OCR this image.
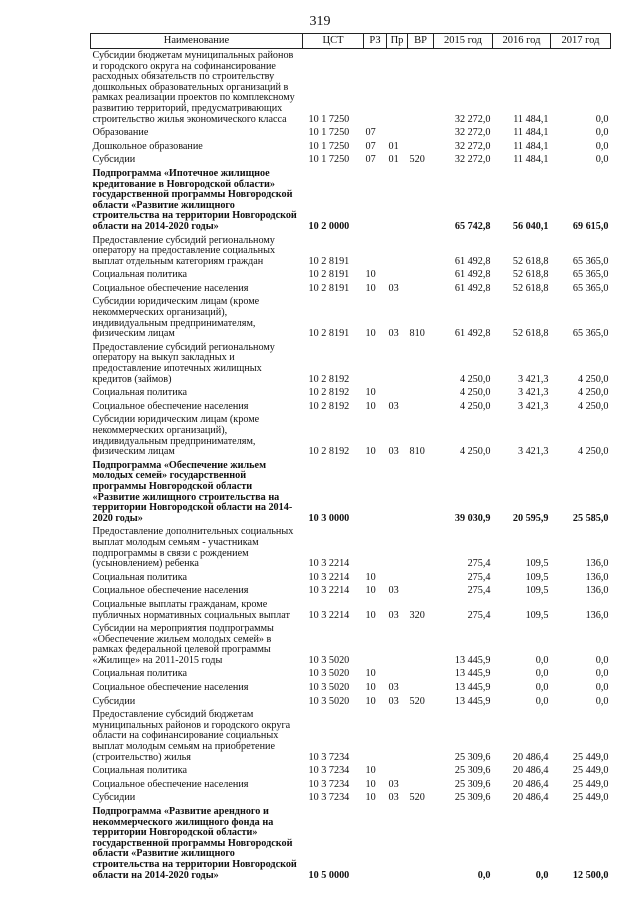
319
Наименование	ЦСТ	РЗ	Пр	ВР	2015 год	2016 год	2017 год
Субсидии бюджетам муниципальных районов и городского округа на софинансирование расходных обязательств по строительству дошкольных образовательных организаций в рамках реализации проектов по комплексному развитию территорий, предусматривающих строительство жилья экономического класса	10 1 7250				32 272,0	11 484,1	0,0
Образование	10 1 7250	07			32 272,0	11 484,1	0,0
Дошкольное образование	10 1 7250	07	01		32 272,0	11 484,1	0,0
Субсидии	10 1 7250	07	01	520	32 272,0	11 484,1	0,0
Подпрограмма «Ипотечное жилищное кредитование в Новгородской области» государственной программы Новгородской области «Развитие жилищного строительства на территории Новгородской области на 2014-2020 годы»	10 2 0000				65 742,8	56 040,1	69 615,0
Предоставление субсидий региональному оператору на предоставление социальных выплат отдельным категориям граждан	10 2 8191				61 492,8	52 618,8	65 365,0
Социальная политика	10 2 8191	10			61 492,8	52 618,8	65 365,0
Социальное обеспечение населения	10 2 8191	10	03		61 492,8	52 618,8	65 365,0
Субсидии юридическим лицам (кроме некоммерческих организаций), индивидуальным предпринимателям, физическим лицам	10 2 8191	10	03	810	61 492,8	52 618,8	65 365,0
Предоставление субсидий региональному оператору на выкуп закладных и предоставление ипотечных жилищных кредитов (займов)	10 2 8192				4 250,0	3 421,3	4 250,0
Социальная политика	10 2 8192	10			4 250,0	3 421,3	4 250,0
Социальное обеспечение населения	10 2 8192	10	03		4 250,0	3 421,3	4 250,0
Субсидии юридическим лицам (кроме некоммерческих организаций), индивидуальным предпринимателям, физическим лицам	10 2 8192	10	03	810	4 250,0	3 421,3	4 250,0
Подпрограмма «Обеспечение жильем молодых семей» государственной программы Новгородской области «Развитие жилищного строительства на территории Новгородской области на 2014-2020 годы»	10 3 0000				39 030,9	20 595,9	25 585,0
Предоставление дополнительных социальных выплат молодым семьям - участникам подпрограммы в связи с рождением (усыновлением) ребенка	10 3 2214				275,4	109,5	136,0
Социальная политика	10 3 2214	10			275,4	109,5	136,0
Социальное обеспечение населения	10 3 2214	10	03		275,4	109,5	136,0
Социальные выплаты гражданам, кроме публичных нормативных социальных выплат	10 3 2214	10	03	320	275,4	109,5	136,0
Субсидии на мероприятия подпрограммы «Обеспечение жильем молодых семей» в рамках федеральной целевой программы «Жилище» на 2011-2015 годы	10 3 5020				13 445,9	0,0	0,0
Социальная политика	10 3 5020	10			13 445,9	0,0	0,0
Социальное обеспечение населения	10 3 5020	10	03		13 445,9	0,0	0,0
Субсидии	10 3 5020	10	03	520	13 445,9	0,0	0,0
Предоставление субсидий бюджетам муниципальных районов и городского округа области на софинансирование социальных выплат молодым семьям на приобретение (строительство) жилья	10 3 7234				25 309,6	20 486,4	25 449,0
Социальная политика	10 3 7234	10			25 309,6	20 486,4	25 449,0
Социальное обеспечение населения	10 3 7234	10	03		25 309,6	20 486,4	25 449,0
Субсидии	10 3 7234	10	03	520	25 309,6	20 486,4	25 449,0
Подпрограмма «Развитие арендного и некоммерческого жилищного фонда на территории Новгородской области» государственной программы Новгородской области «Развитие жилищного строительства на территории Новгородской области на 2014-2020 годы»	10 5 0000				0,0	0,0	12 500,0
